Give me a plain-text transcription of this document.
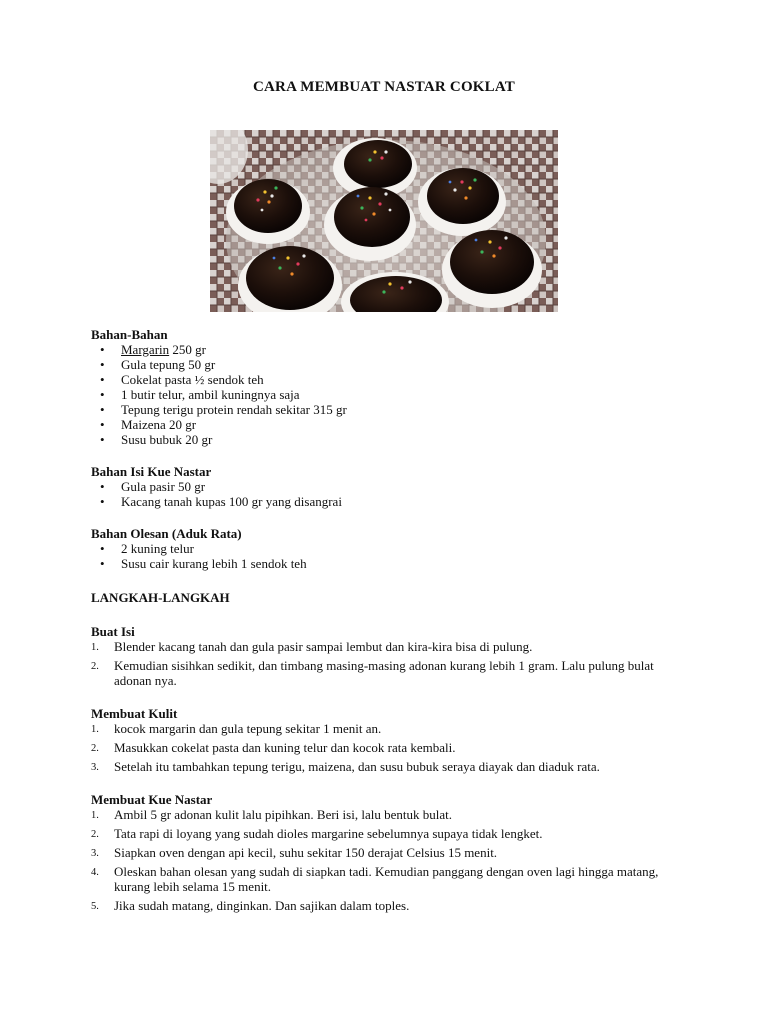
CARA MEMBUAT NASTAR COKLAT

Bahan-Bahan

• Margarin 250 gr
• Gula tepung 50 gr
• Cokelat pasta ½ sendok teh
• 1 butir telur, ambil kuningnya saja
• Tepung terigu protein rendah sekitar 315 gr
• Maizena 20 gr
• Susu bubuk 20 gr

Bahan Isi Kue Nastar

• Gula pasir 50 gr
• Kacang tanah kupas 100 gr yang disangrai

Bahan Olesan (Aduk Rata)

• 2 kuning telur
• Susu cair kurang lebih 1 sendok teh

LANGKAH-LANGKAH

Buat Isi

1. Blender kacang tanah dan gula pasir sampai lembut dan kira-kira bisa di pulung.
2. Kemudian sisihkan sedikit, dan timbang masing-masing adonan kurang lebih 1 gram. Lalu pulung bulat adonan nya.

Membuat Kulit

1. kocok margarin dan gula tepung sekitar 1 menit an.
2. Masukkan cokelat pasta dan kuning telur dan kocok rata kembali.
3. Setelah itu tambahkan tepung terigu, maizena, dan susu bubuk seraya diayak dan diaduk rata.

Membuat Kue Nastar

1. Ambil 5 gr adonan kulit lalu pipihkan. Beri isi, lalu bentuk bulat.
2. Tata rapi di loyang yang sudah dioles margarine sebelumnya supaya tidak lengket.
3. Siapkan oven dengan api kecil, suhu sekitar 150 derajat Celsius 15 menit.
4. Oleskan bahan olesan yang sudah di siapkan tadi. Kemudian panggang dengan oven lagi hingga matang, kurang lebih selama 15 menit.
5. Jika sudah matang, dinginkan. Dan sajikan dalam toples.
